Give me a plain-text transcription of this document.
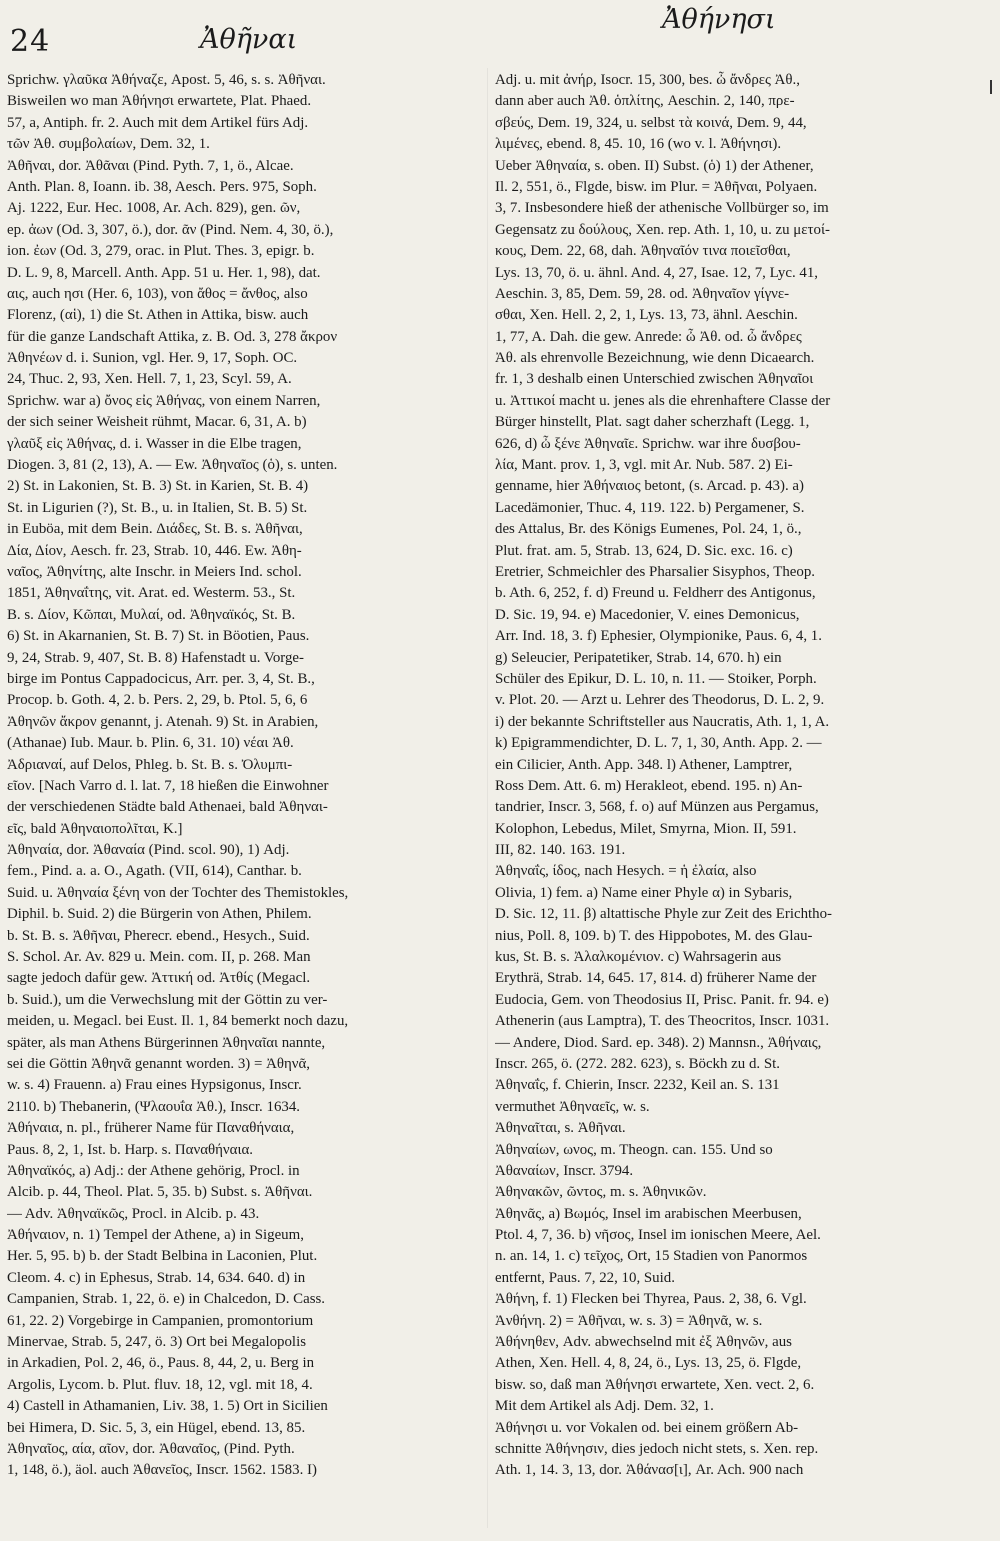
24	Ἀθῆναι
Ἀθήνησι
Sprichw. γλαῦκα Ἀθήναζε, Apost. 5, 46, s. s. Ἀθῆναι.
Bisweilen wo man Ἀθήνησι erwartete, Plat. Phaed.
57, a, Antiph. fr. 2. Auch mit dem Artikel fürs Adj.
τῶν Ἀθ. συμβολαίων, Dem. 32, 1.
Ἀθῆναι, dor. Ἀθᾶναι (Pind. Pyth. 7, 1, ö., Alcae.
Anth. Plan. 8, Ioann. ib. 38, Aesch. Pers. 975, Soph.
Aj. 1222, Eur. Hec. 1008, Ar. Ach. 829), gen. ῶν,
ep. ἀων (Od. 3, 307, ö.), dor. ᾶν (Pind. Nem. 4, 30, ö.),
ion. ἐων (Od. 3, 279, orac. in Plut. Thes. 3, epigr. b.
D. L. 9, 8, Marcell. Anth. App. 51 u. Her. 1, 98), dat.
αις, auch ησι (Her. 6, 103), von ἄθος = ἄνθος, also
Florenz, (αἱ), 1) die St. Athen in Attika, bisw. auch
für die ganze Landschaft Attika, z. B. Od. 3, 278 ἄκρον
Ἀθηνέων d. i. Sunion, vgl. Her. 9, 17, Soph. OC.
24, Thuc. 2, 93, Xen. Hell. 7, 1, 23, Scyl. 59, A.
Sprichw. war a) ὄνος εἰς Ἀθήνας, von einem Narren,
der sich seiner Weisheit rühmt, Macar. 6, 31, A. b)
γλαῦξ εἰς Ἀθήνας, d. i. Wasser in die Elbe tragen,
Diogen. 3, 81 (2, 13), A. — Ew. Ἀθηναῖος (ὁ), s. unten.
2) St. in Lakonien, St. B. 3) St. in Karien, St. B. 4)
St. in Ligurien (?), St. B., u. in Italien, St. B. 5) St.
in Euböa, mit dem Bein. Διάδες, St. B. s. Ἀθῆναι,
Δία, Δίον, Aesch. fr. 23, Strab. 10, 446. Ew. Ἀθη-
ναῖος, Ἀθηνίτης, alte Inschr. in Meiers Ind. schol.
1851, Ἀθηναΐτης, vit. Arat. ed. Westerm. 53., St.
B. s. Δίον, Κῶπαι, Μυλαί, od. Ἀθηναϊκός, St. B.
6) St. in Akarnanien, St. B. 7) St. in Böotien, Paus.
9, 24, Strab. 9, 407, St. B. 8) Hafenstadt u. Vorge-
birge im Pontus Cappadocicus, Arr. per. 3, 4, St. B.,
Procop. b. Goth. 4, 2. b. Pers. 2, 29, b. Ptol. 5, 6, 6
Ἀθηνῶν ἄκρον genannt, j. Atenah. 9) St. in Arabien,
(Athanae) Iub. Maur. b. Plin. 6, 31. 10) νέαι Ἀθ.
Ἀδριαναί, auf Delos, Phleg. b. St. B. s. Ὀλυμπι-
εῖον. [Nach Varro d. l. lat. 7, 18 hießen die Einwohner
der verschiedenen Städte bald Athenaei, bald Ἀθηναι-
εῖς, bald Ἀθηναιοπολῖται, K.]
Ἀθηναία, dor. Ἀθαναία (Pind. scol. 90), 1) Adj.
fem., Pind. a. a. O., Agath. (VII, 614), Canthar. b.
Suid. u. Ἀθηναία ξένη von der Tochter des Themistokles,
Diphil. b. Suid. 2) die Bürgerin von Athen, Philem.
b. St. B. s. Ἀθῆναι, Pherecr. ebend., Hesych., Suid.
S. Schol. Ar. Av. 829 u. Mein. com. II, p. 268. Man
sagte jedoch dafür gew. Ἀττική od. Ἀτθίς (Megacl.
b. Suid.), um die Verwechslung mit der Göttin zu ver-
meiden, u. Megacl. bei Eust. Il. 1, 84 bemerkt noch dazu,
später, als man Athens Bürgerinnen Ἀθηναῖαι nannte,
sei die Göttin Ἀθηνᾶ genannt worden. 3) = Ἀθηνᾶ,
w. s. 4) Frauenn. a) Frau eines Hypsigonus, Inscr.
2110. b) Thebanerin, (Ψλαουΐα Ἀθ.), Inscr. 1634.
Ἀθήναια, n. pl., früherer Name für Παναθήναια,
Paus. 8, 2, 1, Ist. b. Harp. s. Παναθήναια.
Ἀθηναϊκός, a) Adj.: der Athene gehörig, Procl. in
Alcib. p. 44, Theol. Plat. 5, 35. b) Subst. s. Ἀθῆναι.
— Adv. Ἀθηναϊκῶς, Procl. in Alcib. p. 43.
Ἀθήναιον, n. 1) Tempel der Athene, a) in Sigeum,
Her. 5, 95. b) b. der Stadt Belbina in Laconien, Plut.
Cleom. 4. c) in Ephesus, Strab. 14, 634. 640. d) in
Campanien, Strab. 1, 22, ö. e) in Chalcedon, D. Cass.
61, 22. 2) Vorgebirge in Campanien, promontorium
Minervae, Strab. 5, 247, ö. 3) Ort bei Megalopolis
in Arkadien, Pol. 2, 46, ö., Paus. 8, 44, 2, u. Berg in
Argolis, Lycom. b. Plut. fluv. 18, 12, vgl. mit 18, 4.
4) Castell in Athamanien, Liv. 38, 1. 5) Ort in Sicilien
bei Himera, D. Sic. 5, 3, ein Hügel, ebend. 13, 85.
Ἀθηναῖος, αία, αῖον, dor. Ἀθαναῖος, (Pind. Pyth.
1, 148, ö.), äol. auch Ἀθανεῖος, Inscr. 1562. 1583. I)
Adj. u. mit ἀνήρ, Isocr. 15, 300, bes. ὦ ἄνδρες Ἀθ.,
dann aber auch Ἀθ. ὁπλίτης, Aeschin. 2, 140, πρε-
σβεύς, Dem. 19, 324, u. selbst τὰ κοινά, Dem. 9, 44,
λιμένες, ebend. 8, 45. 10, 16 (wo v. l. Ἀθήνησι).
Ueber Ἀθηναία, s. oben. II) Subst. (ὁ) 1) der Athener,
Il. 2, 551, ö., Flgde, bisw. im Plur. = Ἀθῆναι, Polyaen.
3, 7. Insbesondere hieß der athenische Vollbürger so, im
Gegensatz zu δούλους, Xen. rep. Ath. 1, 10, u. zu μετοί-
κους, Dem. 22, 68, dah. Ἀθηναῖόν τινα ποιεῖσθαι,
Lys. 13, 70, ö. u. ähnl. And. 4, 27, Isae. 12, 7, Lyc. 41,
Aeschin. 3, 85, Dem. 59, 28. od. Ἀθηναῖον γίγνε-
σθαι, Xen. Hell. 2, 2, 1, Lys. 13, 73, ähnl. Aeschin.
1, 77, A. Dah. die gew. Anrede: ὦ Ἀθ. od. ὦ ἄνδρες
Ἀθ. als ehrenvolle Bezeichnung, wie denn Dicaearch.
fr. 1, 3 deshalb einen Unterschied zwischen Ἀθηναῖοι
u. Ἀττικοί macht u. jenes als die ehrenhaftere Classe der
Bürger hinstellt, Plat. sagt daher scherzhaft (Legg. 1,
626, d) ὦ ξένε Ἀθηναῖε. Sprichw. war ihre δυσβου-
λία, Mant. prov. 1, 3, vgl. mit Ar. Nub. 587. 2) Ei-
genname, hier Ἀθήναιος betont, (s. Arcad. p. 43). a)
Lacedämonier, Thuc. 4, 119. 122. b) Pergamener, S.
des Attalus, Br. des Königs Eumenes, Pol. 24, 1, ö.,
Plut. frat. am. 5, Strab. 13, 624, D. Sic. exc. 16. c)
Eretrier, Schmeichler des Pharsalier Sisyphos, Theop.
b. Ath. 6, 252, f. d) Freund u. Feldherr des Antigonus,
D. Sic. 19, 94. e) Macedonier, V. eines Demonicus,
Arr. Ind. 18, 3. f) Ephesier, Olympionike, Paus. 6, 4, 1.
g) Seleucier, Peripatetiker, Strab. 14, 670. h) ein
Schüler des Epikur, D. L. 10, n. 11. — Stoiker, Porph.
v. Plot. 20. — Arzt u. Lehrer des Theodorus, D. L. 2, 9.
i) der bekannte Schriftsteller aus Naucratis, Ath. 1, 1, A.
k) Epigrammendichter, D. L. 7, 1, 30, Anth. App. 2. —
ein Cilicier, Anth. App. 348. l) Athener, Lamptrer,
Ross Dem. Att. 6. m) Herakleot, ebend. 195. n) An-
tandrier, Inscr. 3, 568, f. o) auf Münzen aus Pergamus,
Kolophon, Lebedus, Milet, Smyrna, Mion. II, 591.
III, 82. 140. 163. 191.
Ἀθηναΐς, ίδος, nach Hesych. = ἡ ἐλαία, also
Olivia, 1) fem. a) Name einer Phyle α) in Sybaris,
D. Sic. 12, 11. β) altattische Phyle zur Zeit des Erichtho-
nius, Poll. 8, 109. b) T. des Hippobotes, M. des Glau-
kus, St. B. s. Ἀλαλκομένιον. c) Wahrsagerin aus
Erythrä, Strab. 14, 645. 17, 814. d) früherer Name der
Eudocia, Gem. von Theodosius II, Prisc. Panit. fr. 94. e)
Athenerin (aus Lamptra), T. des Theocritos, Inscr. 1031.
— Andere, Diod. Sard. ep. 348). 2) Mannsn., Ἀθήναις,
Inscr. 265, ö. (272. 282. 623), s. Böckh zu d. St.
Ἀθηναΐς, f. Chierin, Inscr. 2232, Keil an. S. 131
vermuthet Ἀθηναεῖς, w. s.
Ἀθηναῖται, s. Ἀθῆναι.
Ἀθηναίων, ωνος, m. Theogn. can. 155. Und so
Ἀθαναίων, Inscr. 3794.
Ἀθηνακῶν, ῶντος, m. s. Ἀθηνικῶν.
Ἀθηνᾶς, a) Βωμός, Insel im arabischen Meerbusen,
Ptol. 4, 7, 36. b) νῆσος, Insel im ionischen Meere, Ael.
n. an. 14, 1. c) τεῖχος, Ort, 15 Stadien von Panormos
entfernt, Paus. 7, 22, 10, Suid.
Ἀθήνη, f. 1) Flecken bei Thyrea, Paus. 2, 38, 6. Vgl.
Ἀνθήνη. 2) = Ἀθῆναι, w. s. 3) = Ἀθηνᾶ, w. s.
Ἀθήνηθεν, Adv. abwechselnd mit ἐξ Ἀθηνῶν, aus
Athen, Xen. Hell. 4, 8, 24, ö., Lys. 13, 25, ö. Flgde,
bisw. so, daß man Ἀθήνησι erwartete, Xen. vect. 2, 6.
Mit dem Artikel als Adj. Dem. 32, 1.
Ἀθήνησι u. vor Vokalen od. bei einem größern Ab-
schnitte Ἀθήνησιν, dies jedoch nicht stets, s. Xen. rep.
Ath. 1, 14. 3, 13, dor. Ἀθάνασ[ι], Ar. Ach. 900 nach
